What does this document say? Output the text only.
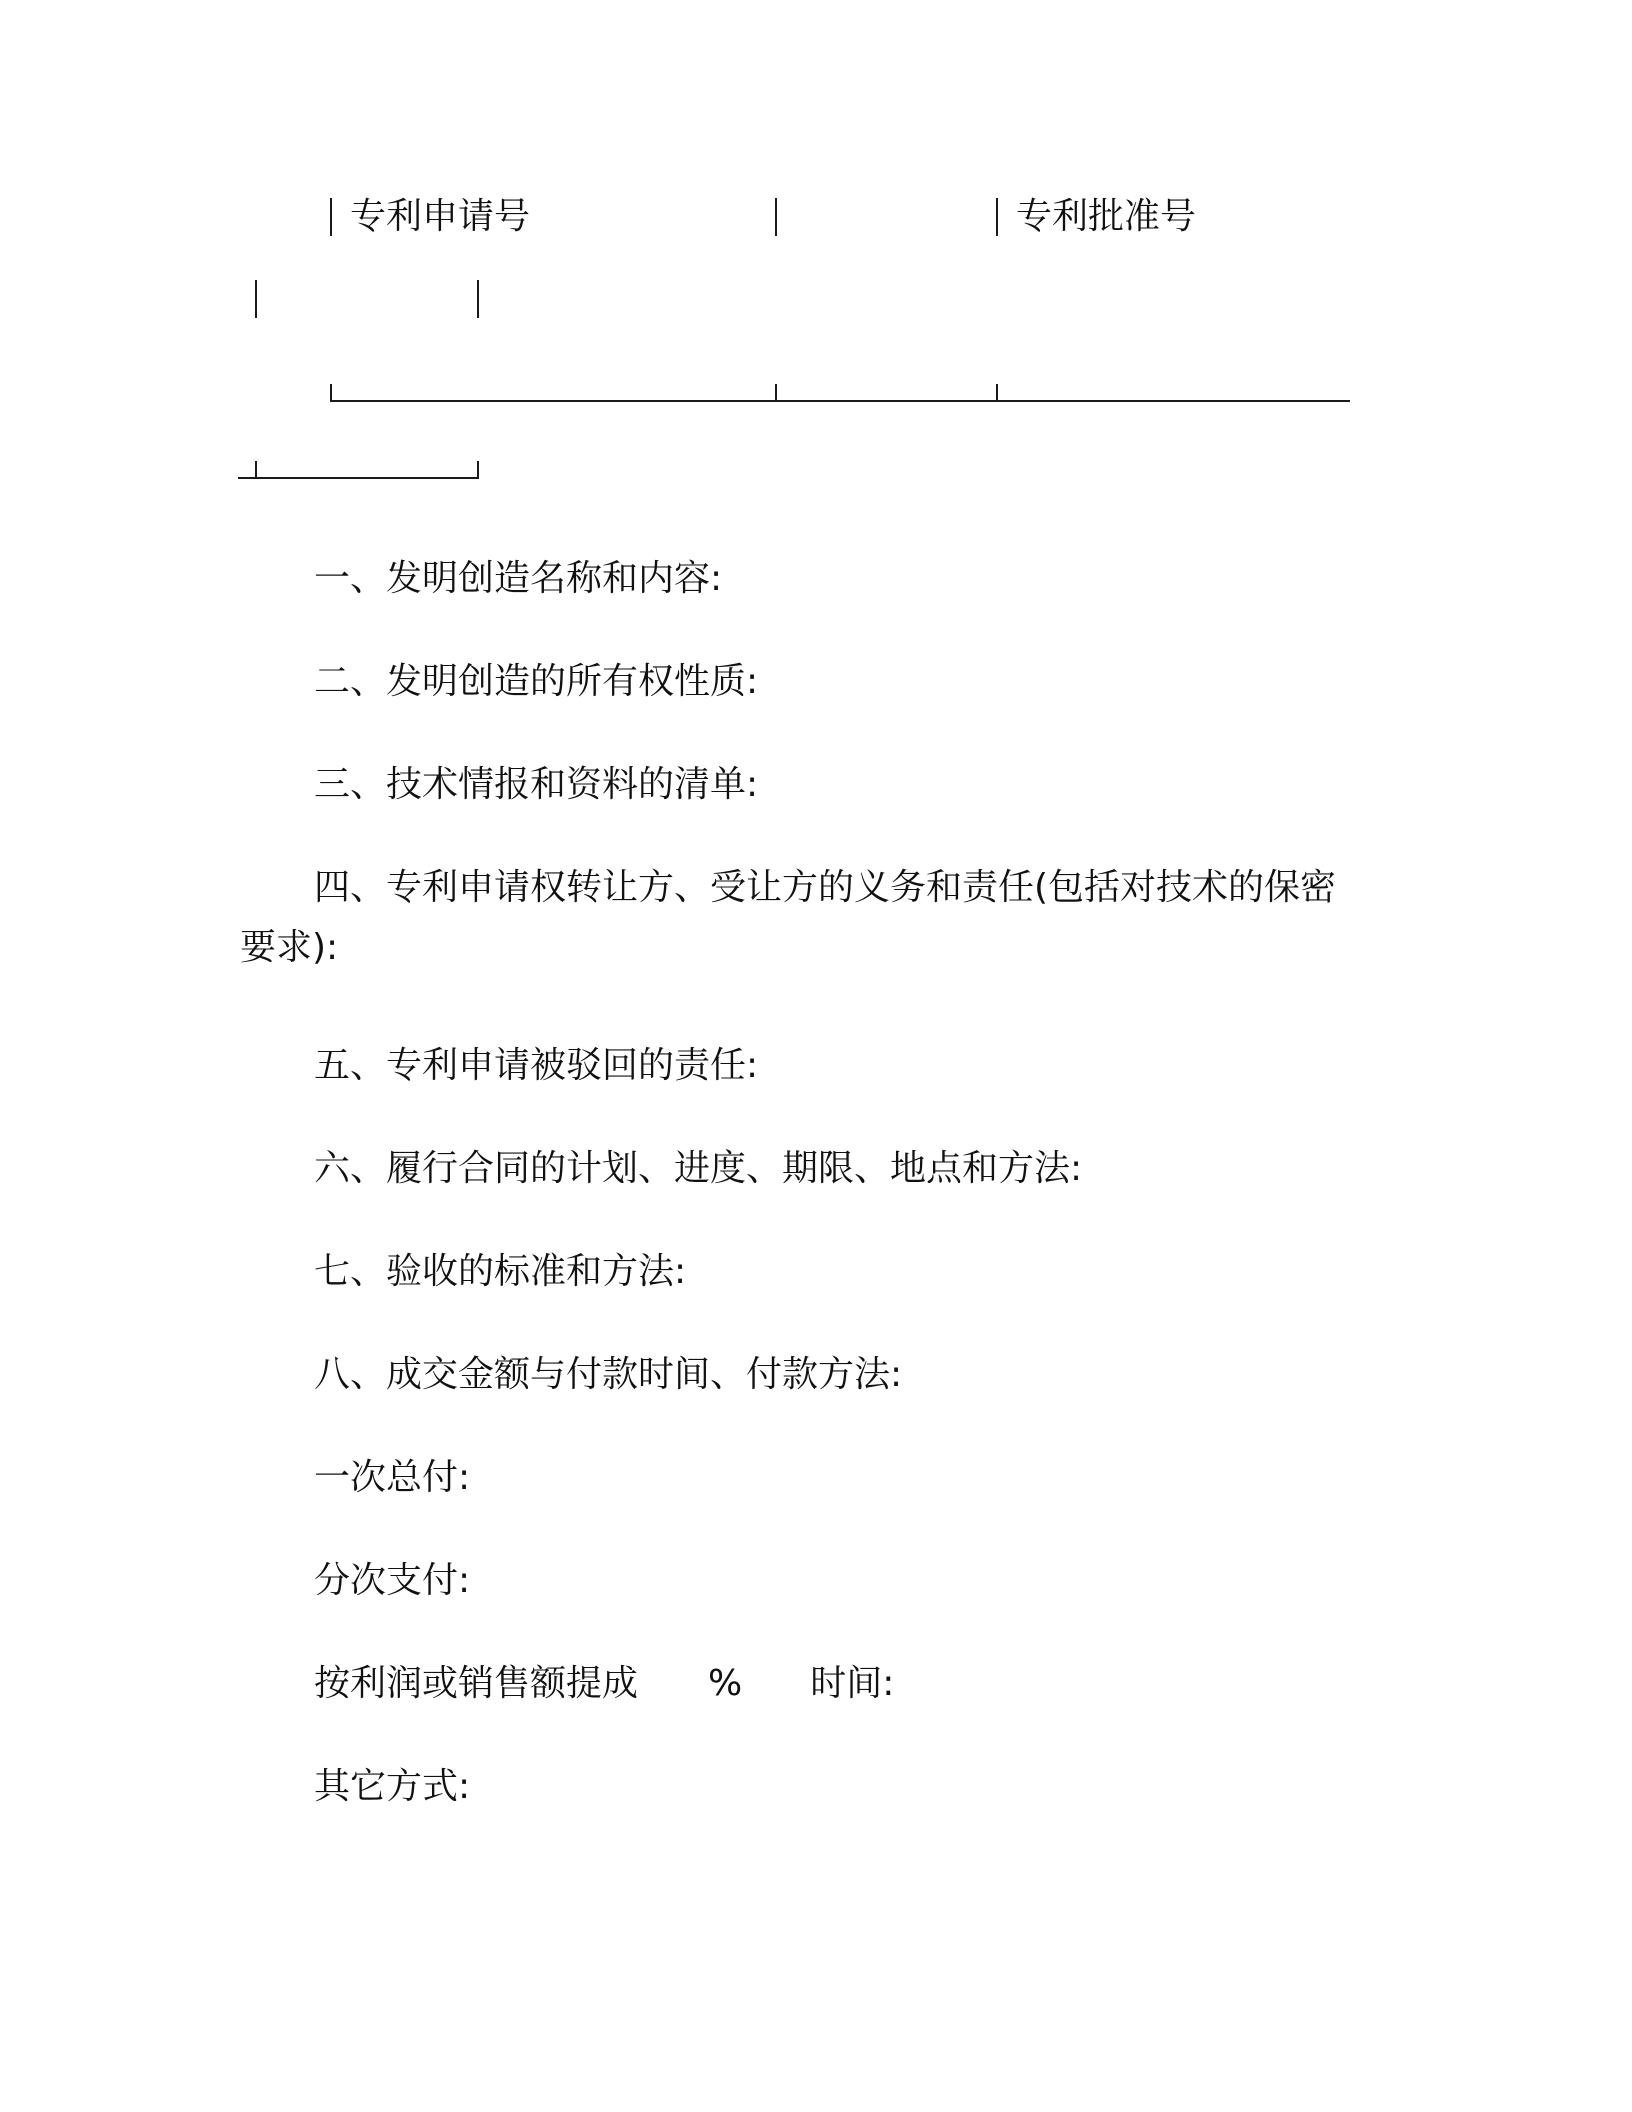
专利申请号	专利批准号
一、发明创造名称和内容:
二、发明创造的所有权性质:
三、技术情报和资料的清单:
四、专利申请权转让方、受让方的义务和责任(包括对技术的保密要求):
五、专利申请被驳回的责任:
六、履行合同的计划、进度、期限、地点和方法:
七、验收的标准和方法:
八、成交金额与付款时间、付款方法:
一次总付:
分次支付:
按利润或销售额提成 % 时间:
其它方式:
